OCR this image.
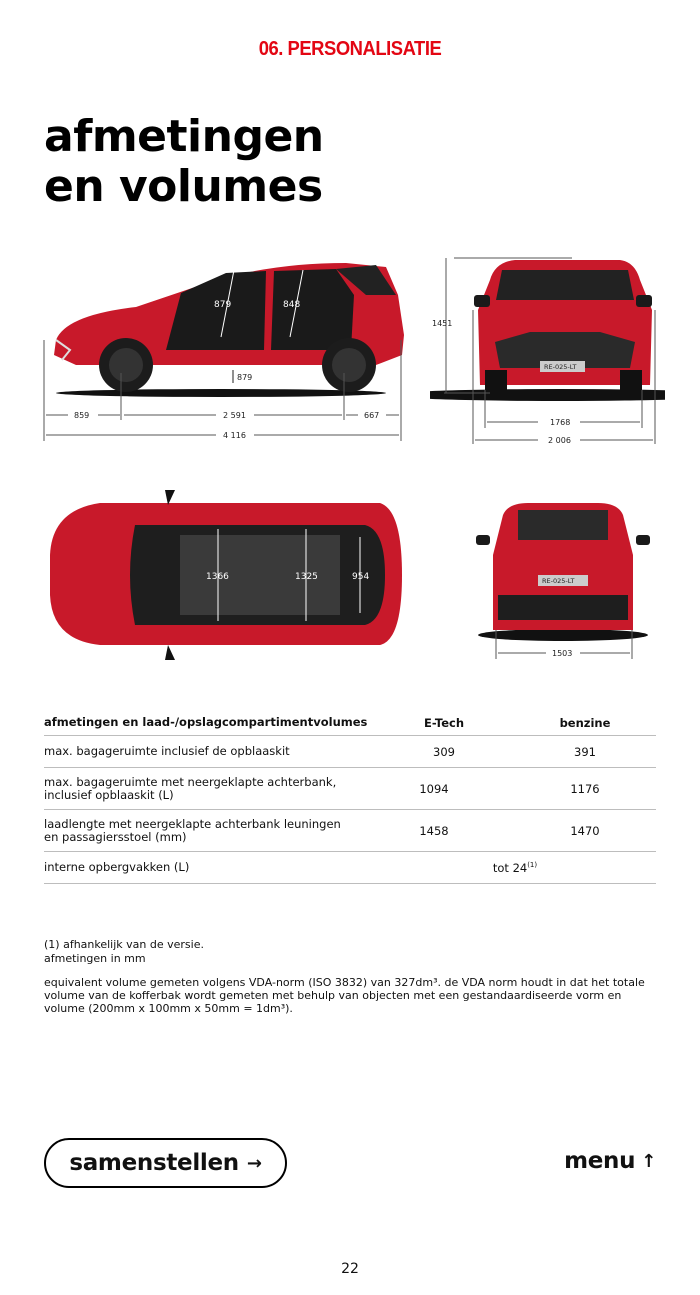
06. PERSONALISATIE
afmetingen
en volumes
879	848
879
859	2 591	667
4 116
RE-025-LT
1451
1768
2 006
1366	1325	954	RE-025-LT
1503
afmetingen en laad-/opslagcompartimentvolumes	E-Tech	benzine
max. bagageruimte inclusief de opblaaskit	309	391
max. bagageruimte met neergeklapte achterbank, inclusief opblaaskit (L)	1094	1176
laadlengte met neergeklapte achterbank leuningen en passagiersstoel (mm)	1458	1470
interne opbergvakken (L)	tot 24$^{(1)}$
(1) afhankelijk van de versie.
afmetingen in mm
equivalent volume gemeten volgens VDA-norm (ISO 3832) van 327dm³. de VDA norm houdt in dat het totale volume van de kofferbak wordt gemeten met behulp van objecten met een gestandaardiseerde vorm en volume (200mm x 100mm x 50mm = 1dm³).
samenstellen →	menu ↑
22
